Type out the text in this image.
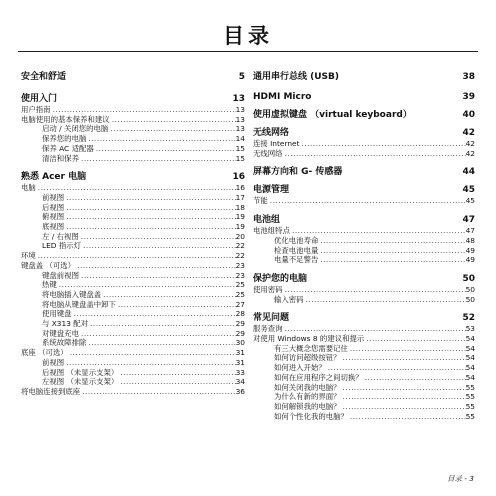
目录
安全和舒适	5
使用入门	13
用户指南 .....	13
电脑使用的基本保养和建议 .....	13
启动 / 关闭您的电脑 .....	13
保养您的电脑 .....	14
保养 AC 适配器 .....	15
清洁和保养 .....	15
熟悉 Acer 电脑	16
电脑 .....	16
前视图 .....	17
后视图 .....	18
俯视图 .....	19
底视图 .....	19
左 / 右视图 .....	20
LED 指示灯 .....	22
环境 .....	22
键盘盖 （可选） .....	23
键盘前视图 .....	23
热键 .....	25
将电脑插入键盘盖 .....	25
将电脑从键盘盖中卸下 .....	27
使用键盘 .....	28
与 X313 配对 .....	29
对键盘充电 .....	29
系统故障排除 .....	30
底座 （可选） .....	31
前视图 .....	31
后视图 （未显示支架） .....	33
左视图 （未显示支架） .....	34
将电脑连接到底座 .....	36
通用串行总线 (USB)	38
HDMI Micro	39
使用虚拟键盘 （virtual keyboard）	40
无线网络	42
连接 Internet .....	42
无线网络 .....	42
屏幕方向和 G- 传感器	44
电源管理	45
节能 .....	45
电池组	47
电池组特点 .....	47
优化电池寿命 .....	48
检查电池电量 .....	49
电量不足警告 .....	49
保护您的电脑	50
使用密码 .....	50
输入密码 .....	50
常见问题	52
服务查询 .....	53
对使用 Windows 8 的建议和提示 .....	54
有三大概念您需要记住 .....	54
如何访问超级按钮？ .....	54
如何进入开始？ .....	54
如何在应用程序之间切换？ .....	54
如何关闭我的电脑？ .....	55
为什么有新的界面？ .....	55
如何解锁我的电脑？ .....	55
如何个性化我的电脑？ .....	55
目录 - 3
